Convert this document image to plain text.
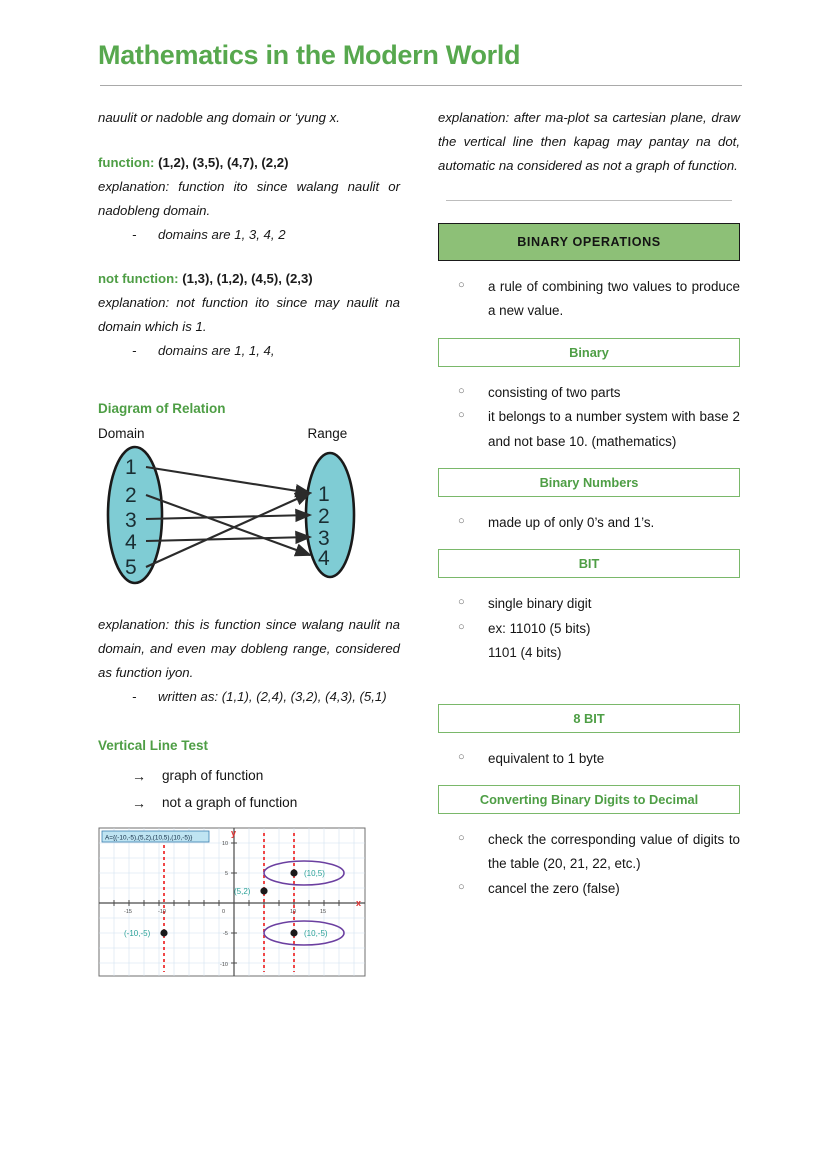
Mathematics in the Modern World

nauulit or nadoble ang domain or ‘yung x.

function: (1,2), (3,5), (4,7), (2,2)

explanation: function ito since walang naulit or nadobleng domain.

-	domains are 1, 3, 4, 2

not function: (1,3), (1,2), (4,5), (2,3)

explanation: not function ito since may naulit na domain which is 1.

-	domains are 1, 1, 4,

Diagram of Relation

Domain	Range
1
2
3
4
5
1
2
3
4

explanation: this is function since walang naulit na domain, and even may dobleng range, considered as function iyon.

-	written as: (1,1), (2,4), (3,2), (4,3), (5,1)

Vertical Line Test

→	graph of function
→	not a graph of function
(-10,-5)
(5,2)
(10,5)
(10,-5)
-15	-10	0	10	15
10
5
-5
-10
y
x
A={(-10,-5),(5,2),(10,5),(10,-5)}

explanation: after ma-plot sa cartesian plane, draw the vertical line then kapag may pantay na dot, automatic na considered as not a graph of function.

BINARY OPERATIONS
○	a rule of combining two values to produce a new value.
Binary
○	consisting of two parts
○	it belongs to a number system with base 2 and not base 10. (mathematics)
Binary Numbers
○	made up of only 0’s and 1’s.
BIT
○	single binary digit
○	ex: 11010 (5 bits)
1101 (4 bits)
8 BIT
○	equivalent to 1 byte
Converting Binary Digits to Decimal
○	check the corresponding value of digits to the table (20, 21, 22, etc.)
○	cancel the zero (false)
